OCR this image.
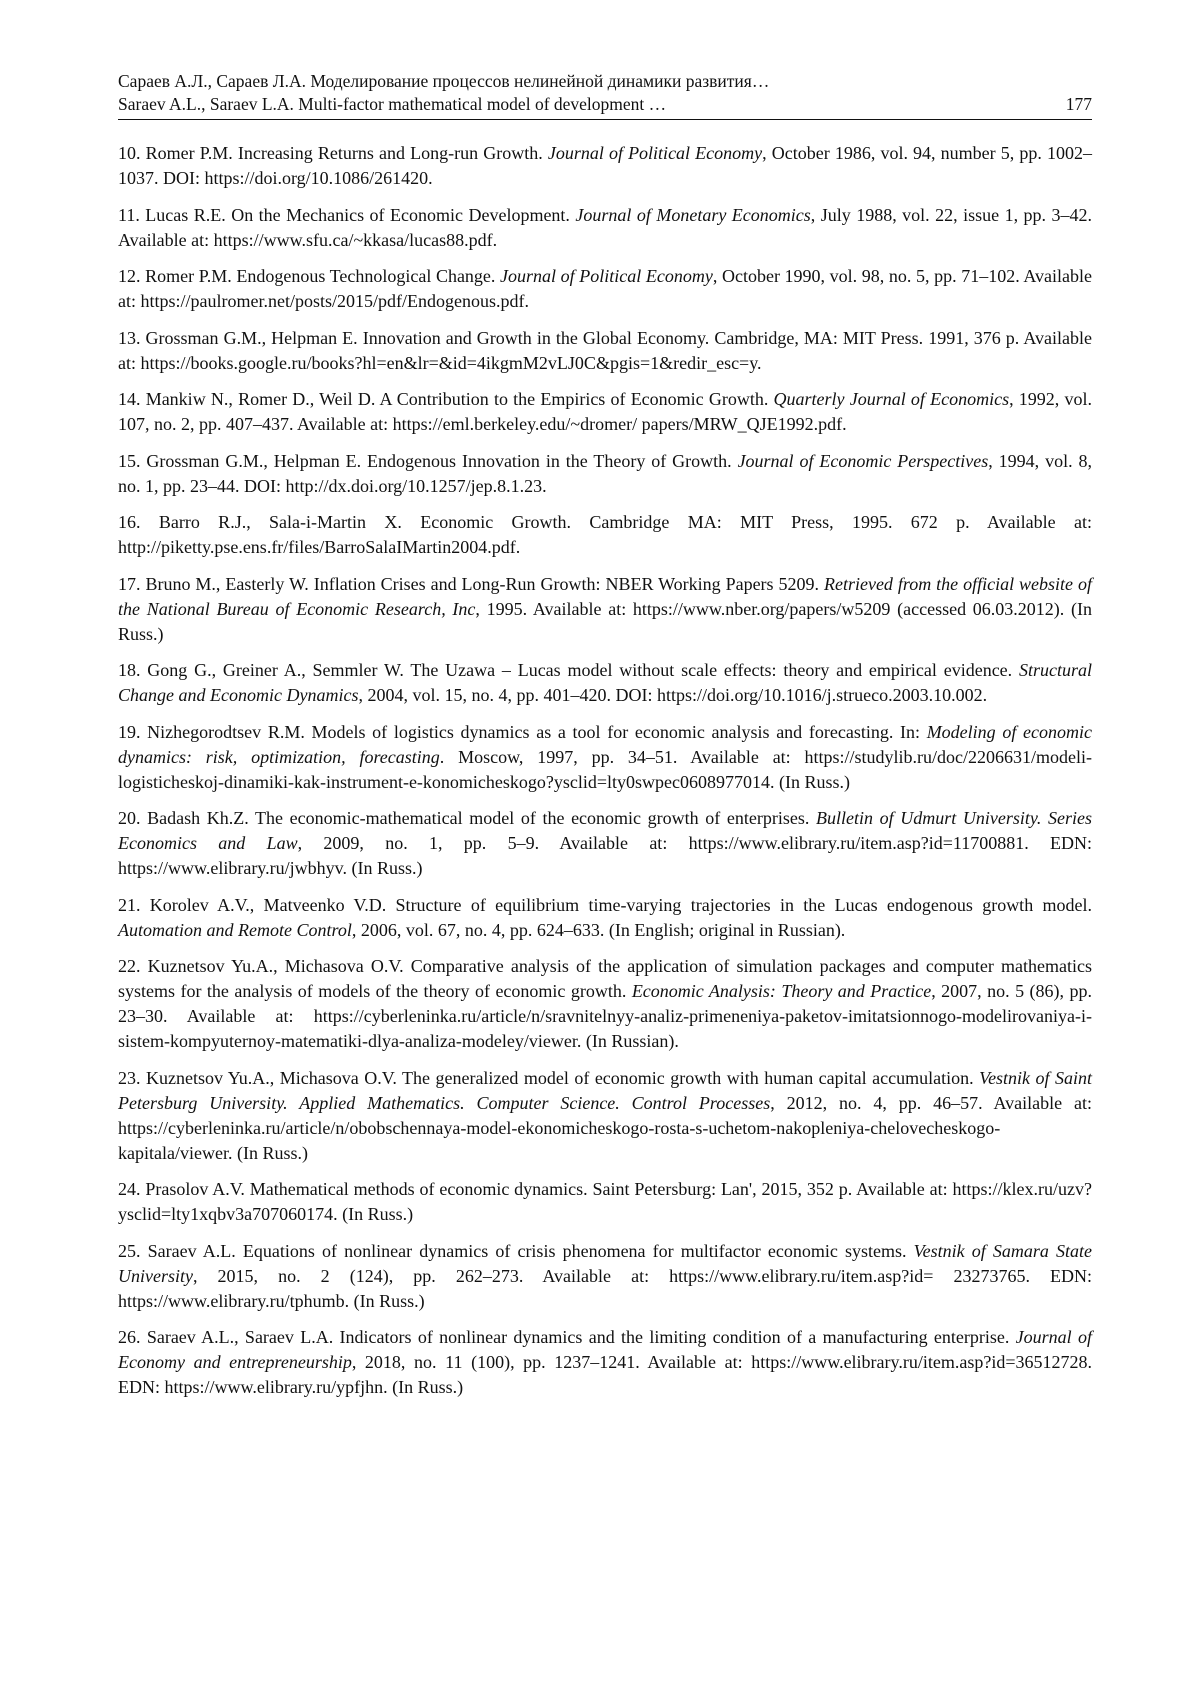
Сараев А.Л., Сараев Л.А. Моделирование процессов нелинейной динамики развития…
Saraev A.L., Saraev L.A. Multi-factor mathematical model of development …	177

10. Romer P.M. Increasing Returns and Long-run Growth. Journal of Political Economy, October 1986, vol. 94, number 5, pp. 1002–1037. DOI: https://doi.org/10.1086/261420.

11. Lucas R.E. On the Mechanics of Economic Development. Journal of Monetary Economics, July 1988, vol. 22, issue 1, pp. 3–42. Available at: https://www.sfu.ca/~kkasa/lucas88.pdf.

12. Romer P.M. Endogenous Technological Change. Journal of Political Economy, October 1990, vol. 98, no. 5, pp. 71–102. Available at: https://paulromer.net/posts/2015/pdf/Endogenous.pdf.

13. Grossman G.M., Helpman E. Innovation and Growth in the Global Economy. Cambridge, MA: MIT Press. 1991, 376 p. Available at: https://books.google.ru/books?hl=en&lr=&id=4ikgmM2vLJ0C&pgis=1&redir_esc=y.

14. Mankiw N., Romer D., Weil D. A Contribution to the Empirics of Economic Growth. Quarterly Journal of Economics, 1992, vol. 107, no. 2, pp. 407–437. Available at: https://eml.berkeley.edu/~dromer/ papers/MRW_QJE1992.pdf.

15. Grossman G.M., Helpman E. Endogenous Innovation in the Theory of Growth. Journal of Economic Perspectives, 1994, vol. 8, no. 1, pp. 23–44. DOI: http://dx.doi.org/10.1257/jep.8.1.23.

16. Barro R.J., Sala-i-Martin X. Economic Growth. Cambridge MA: MIT Press, 1995. 672 p. Available at: http://piketty.pse.ens.fr/files/BarroSalaIMartin2004.pdf.

17. Bruno M., Easterly W. Inflation Crises and Long-Run Growth: NBER Working Papers 5209. Retrieved from the official website of the National Bureau of Economic Research, Inc, 1995. Available at: https://www.nber.org/papers/w5209 (accessed 06.03.2012). (In Russ.)

18. Gong G., Greiner A., Semmler W. The Uzawa – Lucas model without scale effects: theory and empirical evidence. Structural Change and Economic Dynamics, 2004, vol. 15, no. 4, pp. 401–420. DOI: https://doi.org/10.1016/j.strueco.2003.10.002.

19. Nizhegorodtsev R.M. Models of logistics dynamics as a tool for economic analysis and forecasting. In: Modeling of economic dynamics: risk, optimization, forecasting. Moscow, 1997, pp. 34–51. Available at: https://studylib.ru/doc/2206631/modeli-logisticheskoj-dinamiki-kak-instrument-e-konomicheskogo?ysclid=lty0swpec0608977014. (In Russ.)

20. Badash Kh.Z. The economic-mathematical model of the economic growth of enterprises. Bulletin of Udmurt University. Series Economics and Law, 2009, no. 1, pp. 5–9. Available at: https://www.elibrary.ru/item.asp?id=11700881. EDN: https://www.elibrary.ru/jwbhyv. (In Russ.)

21. Korolev A.V., Matveenko V.D. Structure of equilibrium time-varying trajectories in the Lucas endogenous growth model. Automation and Remote Control, 2006, vol. 67, no. 4, pp. 624–633. (In English; original in Russian).

22. Kuznetsov Yu.A., Michasova O.V. Comparative analysis of the application of simulation packages and computer mathematics systems for the analysis of models of the theory of economic growth. Economic Analysis: Theory and Practice, 2007, no. 5 (86), pp. 23–30. Available at: https://cyberleninka.ru/article/n/sravnitelnyy-analiz-primeneniya-paketov-imitatsionnogo-modelirovaniya-i-sistem-kompyuternoy-matematiki-dlya-analiza-modeley/viewer. (In Russian).

23. Kuznetsov Yu.A., Michasova O.V. The generalized model of economic growth with human capital accumulation. Vestnik of Saint Petersburg University. Applied Mathematics. Computer Science. Control Processes, 2012, no. 4, pp. 46–57. Available at: https://cyberleninka.ru/article/n/obobschennaya-model-ekonomicheskogo-rosta-s-uchetom-nakopleniya-chelovecheskogo-kapitala/viewer. (In Russ.)

24. Prasolov A.V. Mathematical methods of economic dynamics. Saint Petersburg: Lan', 2015, 352 p. Available at: https://klex.ru/uzv?ysclid=lty1xqbv3a707060174. (In Russ.)

25. Saraev A.L. Equations of nonlinear dynamics of crisis phenomena for multifactor economic systems. Vestnik of Samara State University, 2015, no. 2 (124), pp. 262–273. Available at: https://www.elibrary.ru/item.asp?id= 23273765. EDN: https://www.elibrary.ru/tphumb. (In Russ.)

26. Saraev A.L., Saraev L.A. Indicators of nonlinear dynamics and the limiting condition of a manufacturing enterprise. Journal of Economy and entrepreneurship, 2018, no. 11 (100), pp. 1237–1241. Available at: https://www.elibrary.ru/item.asp?id=36512728. EDN: https://www.elibrary.ru/ypfjhn. (In Russ.)
